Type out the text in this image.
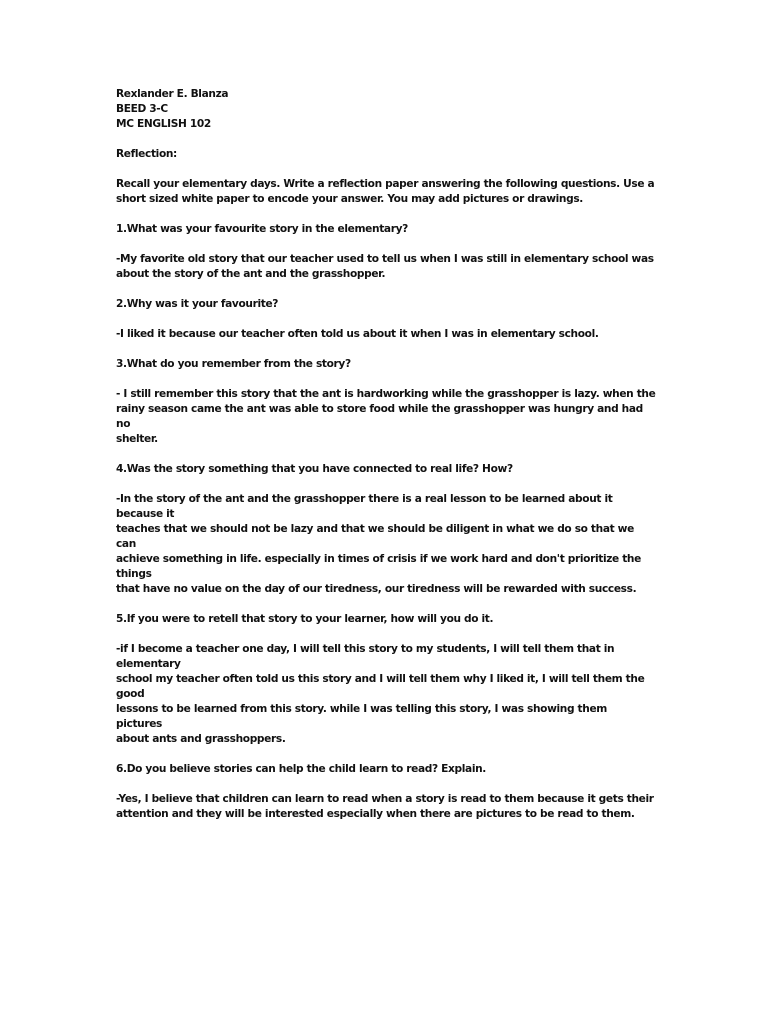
Rexlander E. Blanza
BEED 3-C
MC ENGLISH 102
Reflection:
Recall your elementary days. Write a reflection paper answering the following questions. Use a
short sized white paper to encode your answer. You may add pictures or drawings.
1.What was your favourite story in the elementary?
-My favorite old story that our teacher used to tell us when I was still in elementary school was
about the story of the ant and the grasshopper.
2.Why was it your favourite?
-I liked it because our teacher often told us about it when I was in elementary school.
3.What do you remember from the story?
- I still remember this story that the ant is hardworking while the grasshopper is lazy. when the
rainy season came the ant was able to store food while the grasshopper was hungry and had no
shelter.
4.Was the story something that you have connected to real life? How?
-In the story of the ant and the grasshopper there is a real lesson to be learned about it because it
teaches that we should not be lazy and that we should be diligent in what we do so that we can
achieve something in life. especially in times of crisis if we work hard and don't prioritize the things
that have no value on the day of our tiredness, our tiredness will be rewarded with success.
5.If you were to retell that story to your learner, how will you do it.
-if I become a teacher one day, I will tell this story to my students, I will tell them that in elementary
school my teacher often told us this story and I will tell them why I liked it, I will tell them the good
lessons to be learned from this story. while I was telling this story, I was showing them pictures
about ants and grasshoppers.
6.Do you believe stories can help the child learn to read? Explain.
-Yes, I believe that children can learn to read when a story is read to them because it gets their
attention and they will be interested especially when there are pictures to be read to them.
